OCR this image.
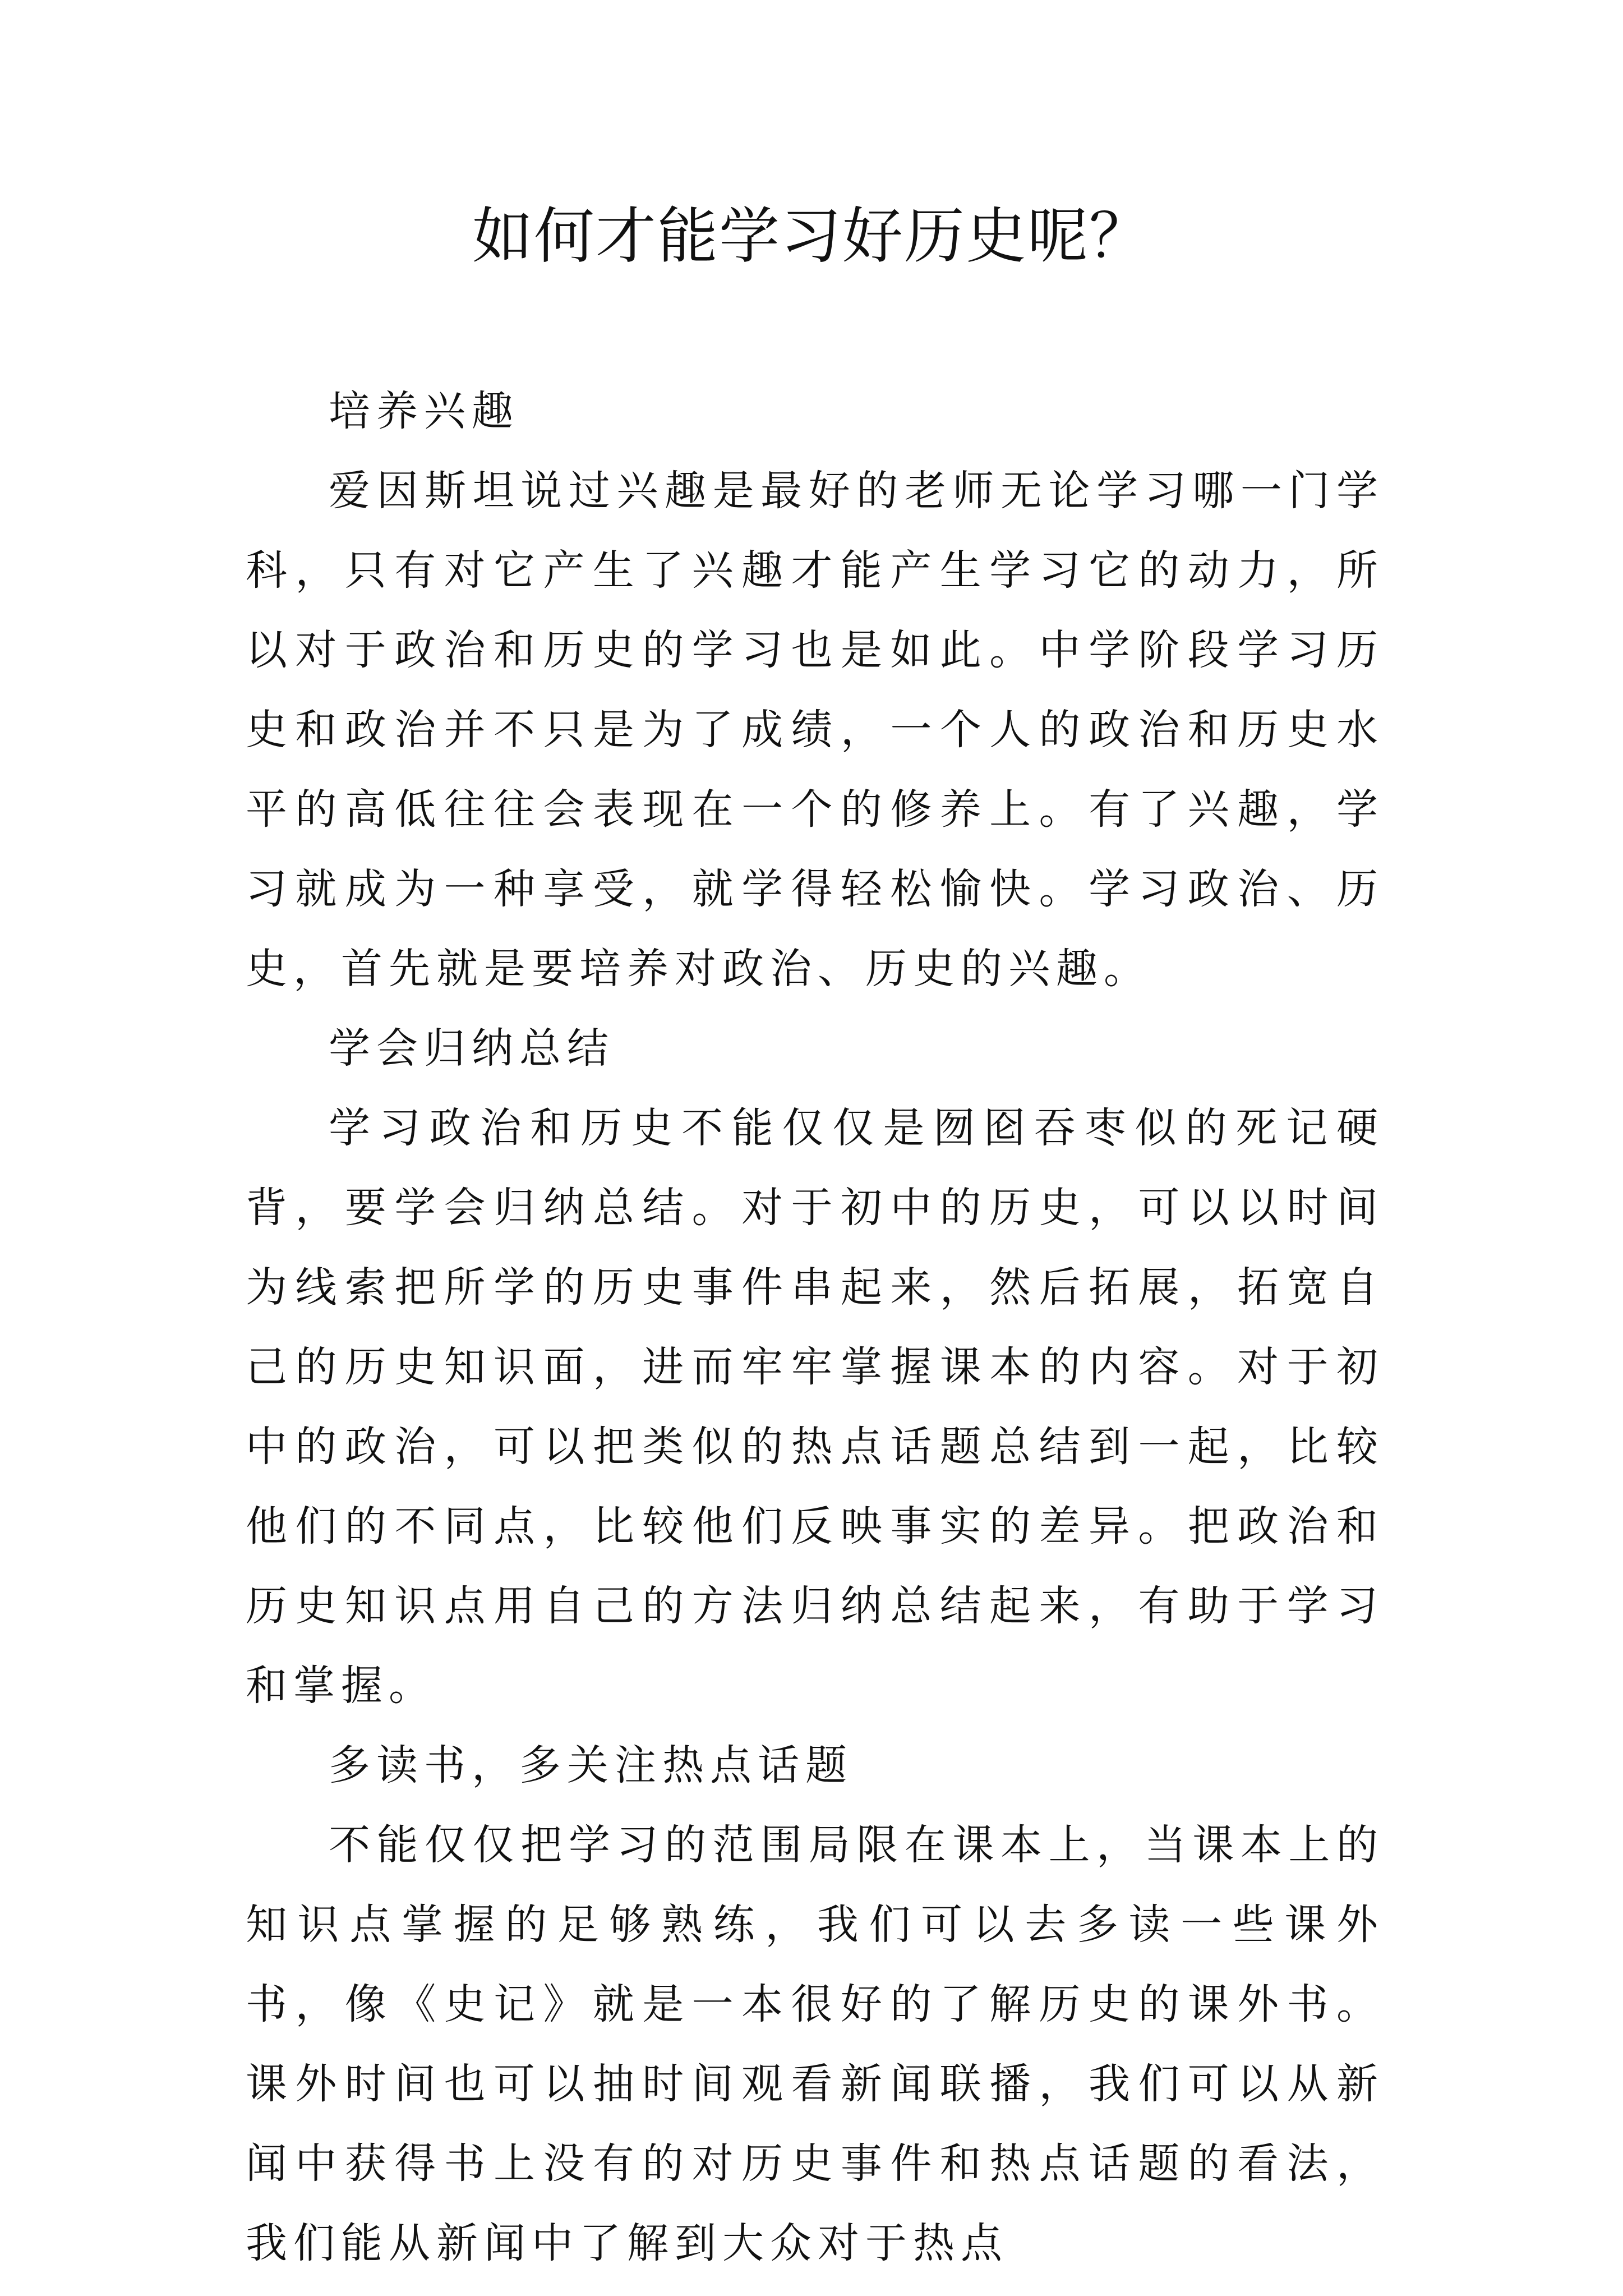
如何才能学习好历史呢？

培养兴趣

爱因斯坦说过兴趣是最好的老师无论学习哪一门学科，只有对它产生了兴趣才能产生学习它的动力，所以对于政治和历史的学习也是如此。中学阶段学习历史和政治并不只是为了成绩，一个人的政治和历史水平的高低往往会表现在一个的修养上。有了兴趣，学习就成为一种享受，就学得轻松愉快。学习政治、历史，首先就是要培养对政治、历史的兴趣。

学会归纳总结

学习政治和历史不能仅仅是囫囵吞枣似的死记硬背，要学会归纳总结。对于初中的历史，可以以时间为线索把所学的历史事件串起来，然后拓展，拓宽自己的历史知识面，进而牢牢掌握课本的内容。对于初中的政治，可以把类似的热点话题总结到一起，比较他们的不同点，比较他们反映事实的差异。把政治和历史知识点用自己的方法归纳总结起来，有助于学习和掌握。

多读书，多关注热点话题

不能仅仅把学习的范围局限在课本上，当课本上的知识点掌握的足够熟练，我们可以去多读一些课外书，像《史记》就是一本很好的了解历史的课外书。课外时间也可以抽时间观看新闻联播，我们可以从新闻中获得书上没有的对历史事件和热点话题的看法，我们能从新闻中了解到大众对于热点
